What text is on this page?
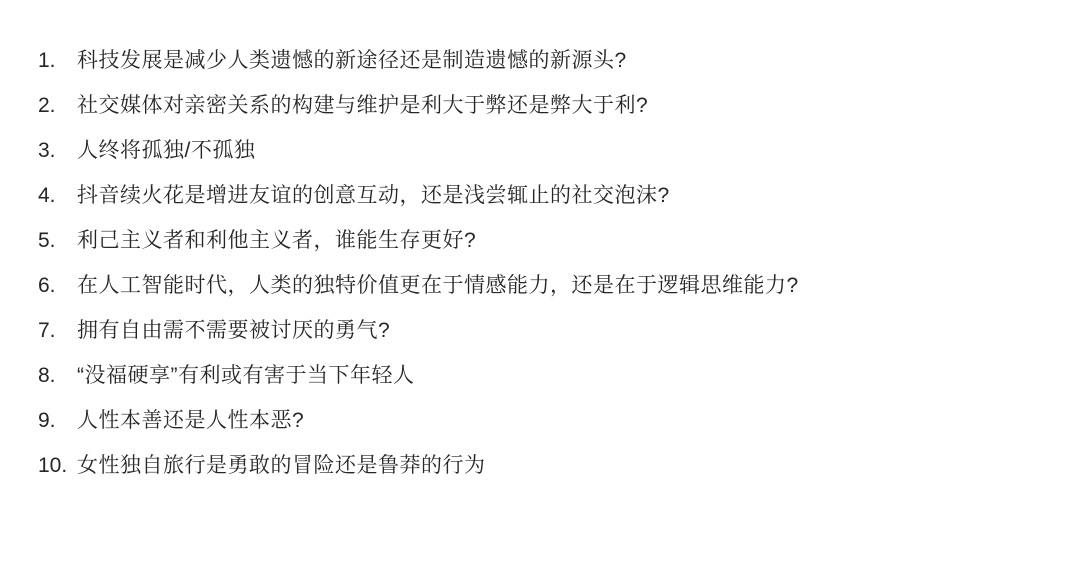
1.	科技发展是减少人类遗憾的新途径还是制造遗憾的新源头?
2.	社交媒体对亲密关系的构建与维护是利大于弊还是弊大于利?
3.	人终将孤独/不孤独
4.	抖音续火花是增进友谊的创意互动，还是浅尝辄止的社交泡沫?
5.	利己主义者和利他主义者，谁能生存更好?
6.	在人工智能时代，人类的独特价值更在于情感能力，还是在于逻辑思维能力?
7.	拥有自由需不需要被讨厌的勇气?
8.	“没福硬享”有利或有害于当下年轻人
9.	人性本善还是人性本恶?
10. 女性独自旅行是勇敢的冒险还是鲁莽的行为
